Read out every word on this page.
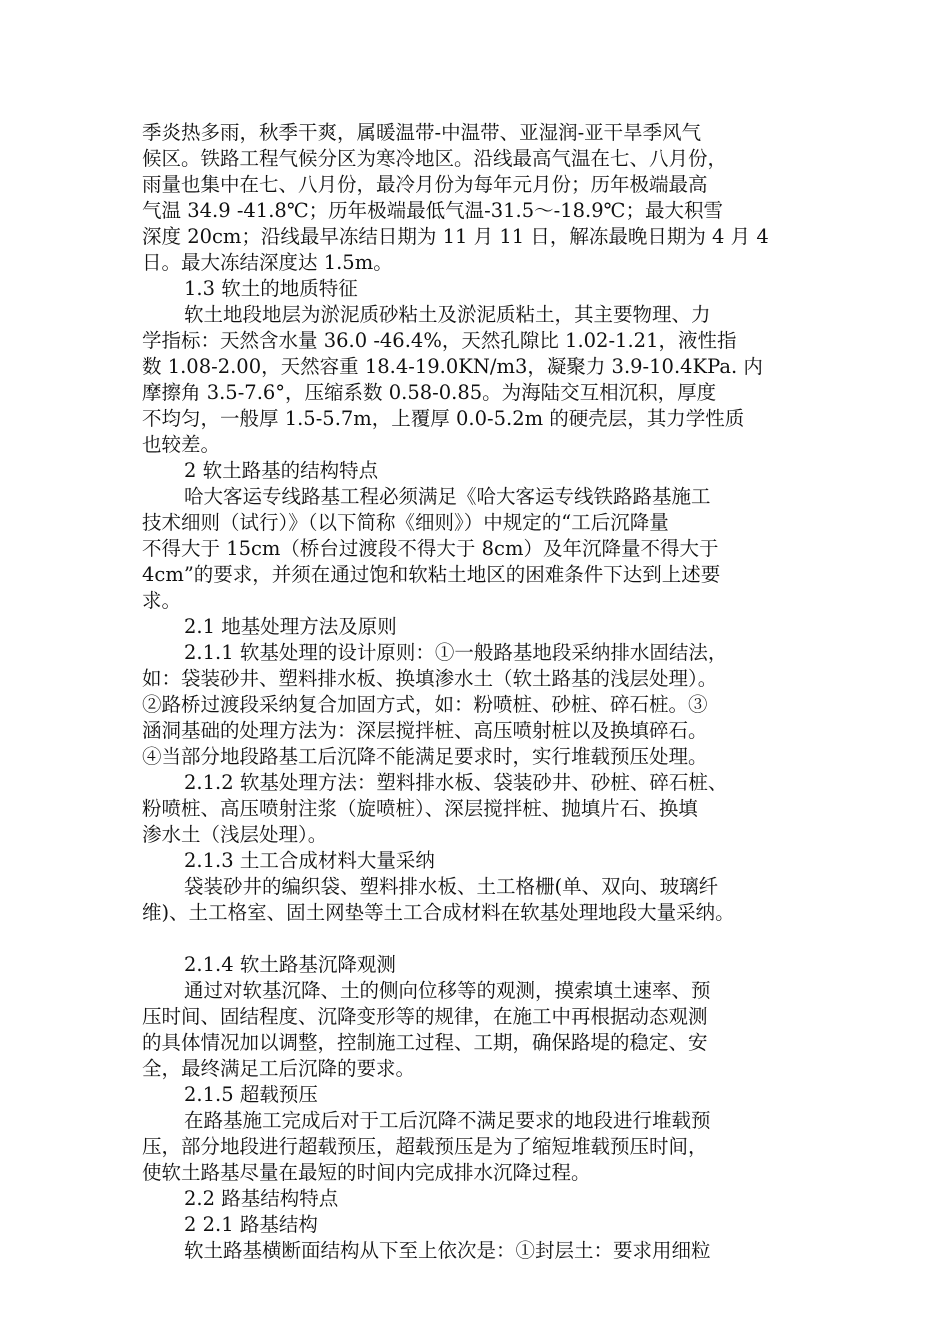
季炎热多雨，秋季干爽，属暖温带-中温带、亚湿润-亚干旱季风气
候区。铁路工程气候分区为寒冷地区。沿线最高气温在七、八月份，
雨量也集中在七、八月份，最冷月份为每年元月份；历年极端最高
气温 34.9 -41.8℃；历年极端最低气温-31.5～-18.9℃；最大积雪
深度 20cm；沿线最早冻结日期为 11 月 11 日，解冻最晚日期为 4 月 4
日。最大冻结深度达 1.5m。
1.3 软土的地质特征
软土地段地层为淤泥质砂粘土及淤泥质粘土，其主要物理、力
学指标：天然含水量 36.0 -46.4%，天然孔隙比 1.02-1.21，液性指
数 1.08-2.00，天然容重 18.4-19.0KN/m3，凝聚力 3.9-10.4KPa. 内
摩擦角 3.5-7.6°，压缩系数 0.58-0.85。为海陆交互相沉积，厚度
不均匀，一般厚 1.5-5.7m，上覆厚 0.0-5.2m 的硬壳层，其力学性质
也较差。
2 软土路基的结构特点
哈大客运专线路基工程必须满足《哈大客运专线铁路路基施工
技术细则（试行）》（以下简称《细则》）中规定的“工后沉降量
不得大于 15cm（桥台过渡段不得大于 8cm）及年沉降量不得大于
4cm”的要求，并须在通过饱和软粘土地区的困难条件下达到上述要
求。
2.1 地基处理方法及原则
2.1.1 软基处理的设计原则：①一般路基地段采纳排水固结法，
如：袋装砂井、塑料排水板、换填渗水土（软土路基的浅层处理）。
②路桥过渡段采纳复合加固方式，如：粉喷桩、砂桩、碎石桩。③
涵洞基础的处理方法为：深层搅拌桩、高压喷射桩以及换填碎石。
④当部分地段路基工后沉降不能满足要求时，实行堆载预压处理。
2.1.2 软基处理方法：塑料排水板、袋装砂井、砂桩、碎石桩、
粉喷桩、高压喷射注浆（旋喷桩）、深层搅拌桩、抛填片石、换填
渗水土（浅层处理）。
2.1.3 土工合成材料大量采纳
袋装砂井的编织袋、塑料排水板、土工格栅(单、双向、玻璃纤
维)、土工格室、固土网垫等土工合成材料在软基处理地段大量采纳。
2.1.4 软土路基沉降观测
通过对软基沉降、土的侧向位移等的观测，摸索填土速率、预
压时间、固结程度、沉降变形等的规律，在施工中再根据动态观测
的具体情况加以调整，控制施工过程、工期，确保路堤的稳定、安
全，最终满足工后沉降的要求。
2.1.5 超载预压
在路基施工完成后对于工后沉降不满足要求的地段进行堆载预
压，部分地段进行超载预压，超载预压是为了缩短堆载预压时间，
使软土路基尽量在最短的时间内完成排水沉降过程。
2.2 路基结构特点
2 2.1 路基结构
软土路基横断面结构从下至上依次是：①封层土：要求用细粒
